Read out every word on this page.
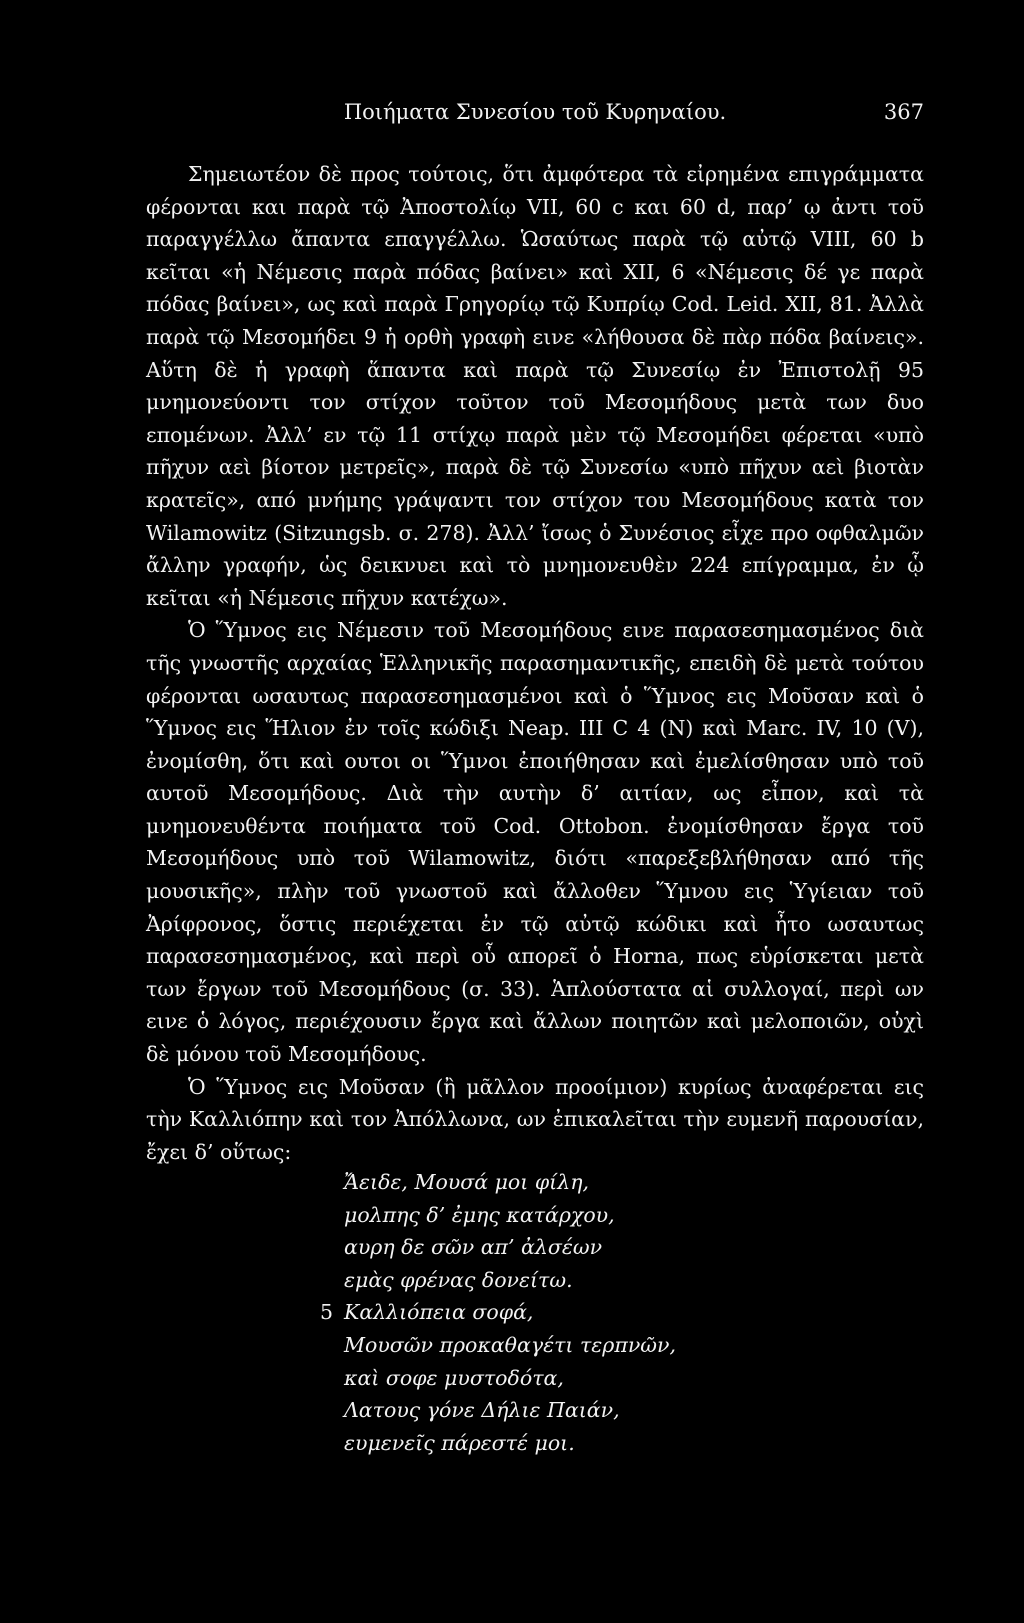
Ποιήματα Συνεσίου τοῦ Κυρηναίου.	367

Σημειωτέον δὲ προς τούτοις, ὅτι ἀμφότερα τὰ εἰρημένα επιγράμματα φέρονται και παρὰ τῷ Ἀποστολίῳ VII, 60 c και 60 d, παρ’ ῳ ἀντι τοῦ παραγγέλλω ἄπαντα επαγγέλλω. Ὡσαύτως παρὰ τῷ αὐτῷ VIII, 60 b κεῖται «ἡ Νέμεσις παρὰ πόδας βαίνει» καὶ XII, 6 «Νέμεσις δέ γε παρὰ πόδας βαίνει», ως καὶ παρὰ Γρηγορίῳ τῷ Κυπρίῳ Cod. Leid. XII, 81. Ἀλλὰ παρὰ τῷ Μεσομήδει 9 ἡ ορθὴ γραφὴ εινε «λήθουσα δὲ πὰρ πόδα βαίνεις». Αὕτη δὲ ἡ γραφὴ ἅπαντα καὶ παρὰ τῷ Συνεσίῳ ἐν Ἐπιστολῇ 95 μνημονεύοντι τον στίχον τοῦτον τοῦ Μεσομήδους μετὰ των δυο επομένων. Ἀλλ’ εν τῷ 11 στίχῳ παρὰ μὲν τῷ Μεσομήδει φέρεται «υπὸ πῆχυν αεὶ βίοτον μετρεῖς», παρὰ δὲ τῷ Συνεσίω «υπὸ πῆχυν αεὶ βιοτὰν κρατεῖς», από μνήμης γράψαντι τον στίχον του Μεσομήδους κατὰ τον Wilamowitz (Sitzungsb. σ. 278). Ἀλλ’ ἴσως ὁ Συνέσιος εἶχε προ οφθαλμῶν ἄλλην γραφήν, ὡς δεικνυει καὶ τὸ μνημονευθὲν 224 επίγραμμα, ἐν ᾧ κεῖται «ἡ Νέμεσις πῆχυν κατέχω».

Ὁ Ὕμνος εις Νέμεσιν τοῦ Μεσομήδους εινε παρασεσημασμένος διὰ τῆς γνωστῆς αρχαίας Ἑλληνικῆς παρασημαντικῆς, επειδὴ δὲ μετὰ τούτου φέρονται ωσαυτως παρασεσημασμένοι καὶ ὁ Ὕμνος εις Μοῦσαν καὶ ὁ Ὕμνος εις Ἥλιον ἐν τοῖς κώδιξι Neap. III C 4 (N) καὶ Marc. IV, 10 (V), ἐνομίσθη, ὅτι καὶ ουτοι οι Ὕμνοι ἐποιήθησαν καὶ ἐμελίσθησαν υπὸ τοῦ αυτοῦ Μεσομήδους. Διὰ τὴν αυτὴν δ’ αιτίαν, ως εἶπον, καὶ τὰ μνημονευθέντα ποιήματα τοῦ Cod. Ottobon. ἐνομίσθησαν ἔργα τοῦ Μεσομήδους υπὸ τοῦ Wilamowitz, διότι «παρεξεβλήθησαν από τῆς μουσικῆς», πλὴν τοῦ γνωστοῦ καὶ ἄλλοθεν Ὕμνου εις Ὑγίειαν τοῦ Ἀρίφρονος, ὅστις περιέχεται ἐν τῷ αὐτῷ κώδικι καὶ ἦτο ωσαυτως παρασεσημασμένος, καὶ περὶ οὗ απορεῖ ὁ Horna, πως εὑρίσκεται μετὰ των ἔργων τοῦ Μεσομήδους (σ. 33). Ἁπλούστατα αἱ συλλογαί, περὶ ων εινε ὁ λόγος, περιέχουσιν ἔργα καὶ ἄλλων ποιητῶν καὶ μελοποιῶν, οὐχὶ δὲ μόνου τοῦ Μεσομήδους.

Ὁ Ὕμνος εις Μοῦσαν (ἢ μᾶλλον προοίμιον) κυρίως ἀναφέρεται εις τὴν Καλλιόπην καὶ τον Ἀπόλλωνα, ων ἐπικαλεῖται τὴν ευμενῆ παρουσίαν, ἔχει δ’ οὕτως:

Ἄειδε, Μουσά μοι φίλη,
μολπης δ’ ἐμης κατάρχου,
αυρη δε σῶν απ’ ἀλσέων
εμὰς φρένας δονείτω.
5 Καλλιόπεια σοφά,
Μουσῶν προκαθαγέτι τερπνῶν,
καὶ σοφε μυστοδότα,
Λατους γόνε Δήλιε Παιάν,
ευμενεῖς πάρεστέ μοι.
